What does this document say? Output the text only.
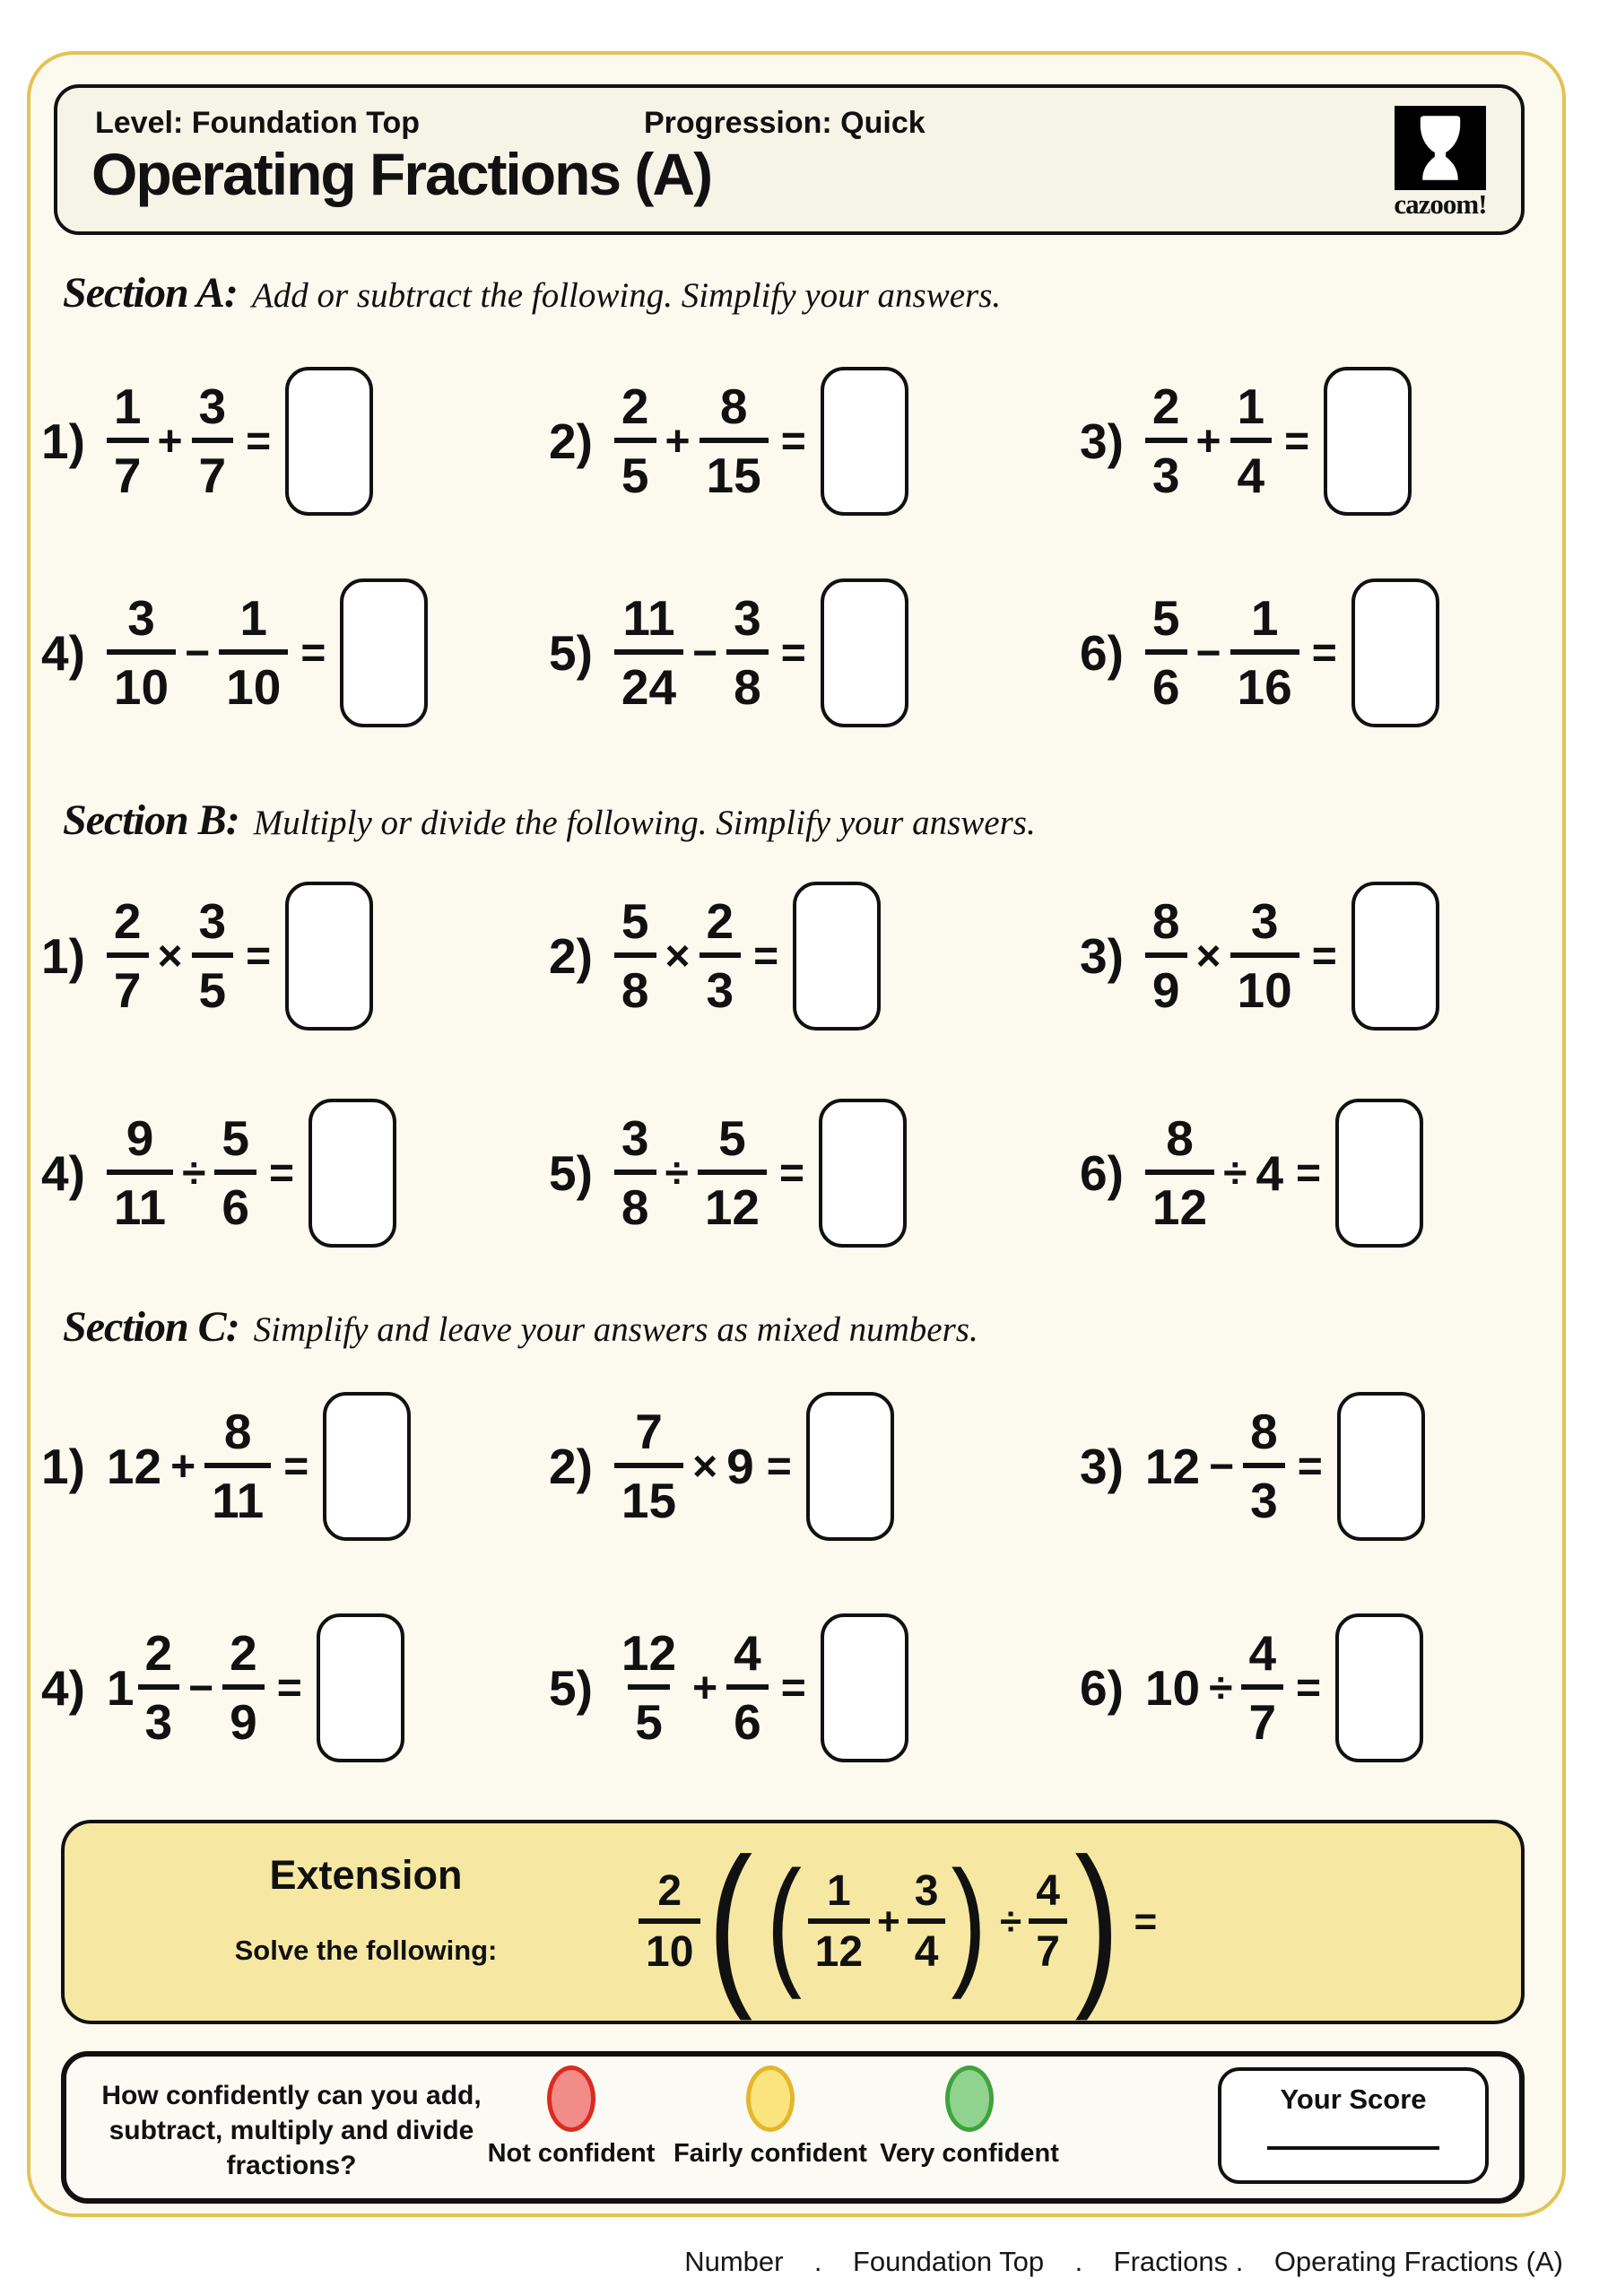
Level: Foundation Top	Progression: Quick
Operating Fractions (A)	cazoom!
Section A: Add or subtract the following. Simplify your answers.
Section B: Multiply or divide the following. Simplify your answers.
Section C: Simplify and leave your answers as mixed numbers.
$1) \frac{1}{7} + \frac{3}{7}$ =	$2) \frac{2}{5} + \frac{8}{15}$ =	$3) \frac{2}{3} + \frac{1}{4}$ =
$4) \frac{3}{10} - \frac{1}{10}$ =	$5) \frac{11}{24} - \frac{3}{8}$ =	$6) \frac{5}{6} - \frac{1}{16}$ =
$1) \frac{2}{7} \times \frac{3}{5}$ =	$2) \frac{5}{8} \times \frac{2}{3}$ =	$3) \frac{8}{9} \times \frac{3}{10}$ =
$4) \frac{9}{11} \div \frac{5}{6}$ =	$5) \frac{3}{8} \div \frac{5}{12}$ =	$6) \frac{8}{12} \div 4$ =
1) $12 + \frac{8}{11}$ =	$2) \frac{7}{15} \times 9$ =	3) $12 - \frac{8}{3}$ =
4) $1 \frac{2}{3} - \frac{2}{9}$ =	$5) \frac{12}{5} + \frac{4}{6}$ =	6) $10 \div \frac{4}{7}$ =
Extension
Solve the following:	$\frac{2}{10}$ ( ( $\frac{1}{12} + \frac{3}{4}$ ) ÷ $\frac{4}{7}$ ) =
How confidently can you add, subtract, multiply and divide fractions?	Not confident Fairly confident Very confident
Your Score
Number    .    Foundation Top    .    Fractions .    Operating Fractions (A)
